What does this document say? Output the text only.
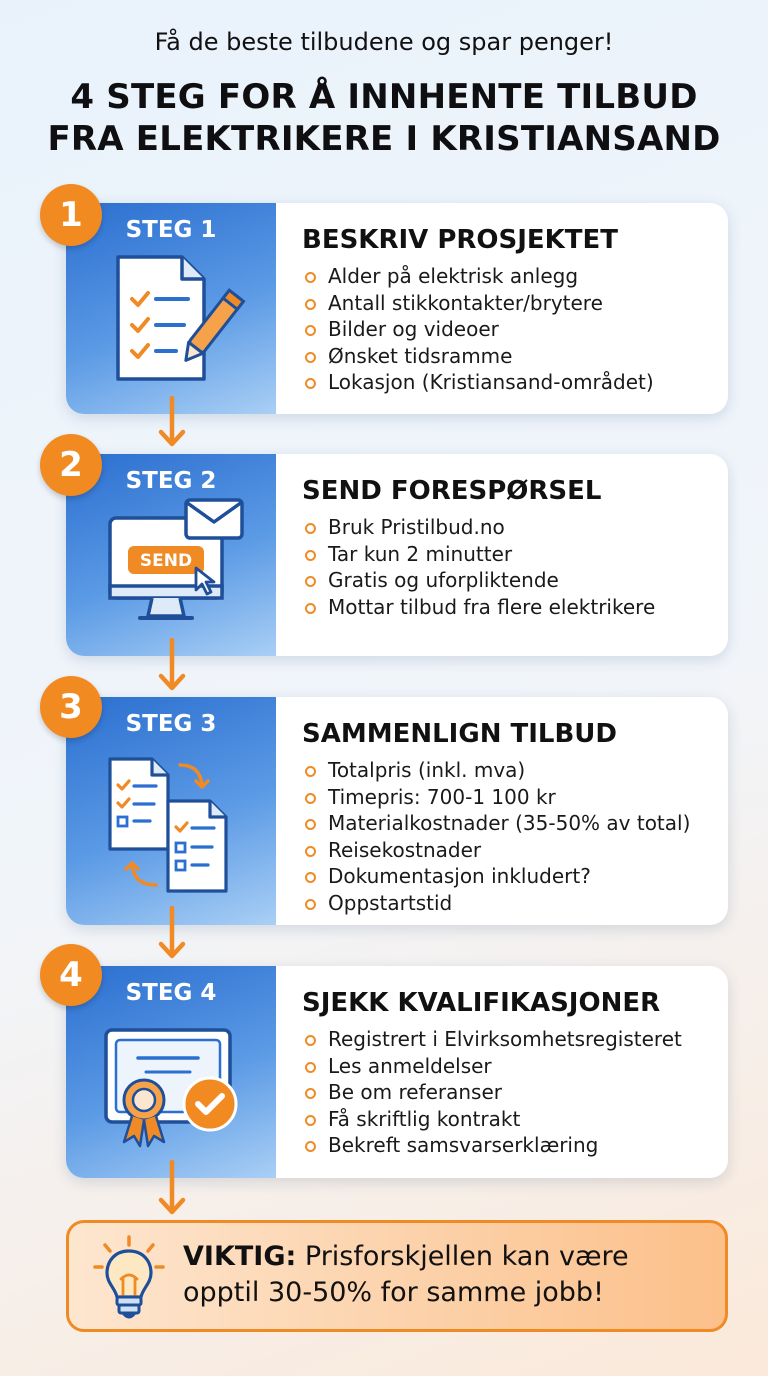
Få de beste tilbudene og spar penger!
4 STEG FOR Å INNHENTE TILBUD
FRA ELEKTRIKERE I KRISTIANSAND
STEG 1	BESKRIV PROSJEKTET
Alder på elektrisk anlegg
Antall stikkontakter/brytere
Bilder og videoer
Ønsket tidsramme
Lokasjon (Kristiansand-området)
1
STEG 2
SEND
SEND FORESPØRSEL
Bruk Pristilbud.no
Tar kun 2 minutter
Gratis og uforpliktende
Mottar tilbud fra flere elektrikere
2
STEG 3	SAMMENLIGN TILBUD
Totalpris (inkl. mva)
Timepris: 700-1 100 kr
Materialkostnader (35-50% av total)
Reisekostnader
Dokumentasjon inkludert?
Oppstartstid
3
STEG 4	SJEKK KVALIFIKASJONER
Registrert i Elvirksomhetsregisteret
Les anmeldelser
Be om referanser
Få skriftlig kontrakt
Bekreft samsvarserklæring
4
VIKTIG: Prisforskjellen kan være
opptil 30-50% for samme jobb!
